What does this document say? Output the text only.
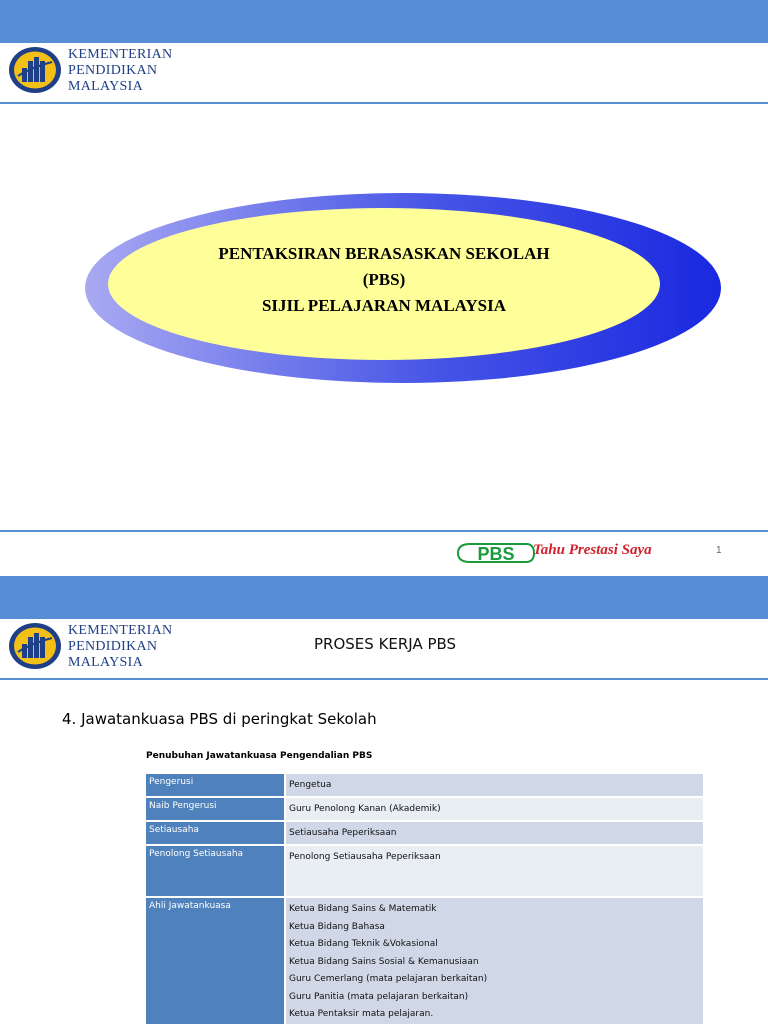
KEMENTERIAN
PENDIDIKAN
MALAYSIA
PENTAKSIRAN BERASASKAN SEKOLAH
(PBS)
SIJIL PELAJARAN MALAYSIA
PBS Tahu Prestasi Saya	1
KEMENTERIAN
PENDIDIKAN
MALAYSIA
PROSES KERJA PBS
4. Jawatankuasa PBS di peringkat Sekolah
Penubuhan Jawatankuasa Pengendalian PBS
Pengerusi	Pengetua
Naib Pengerusi	Guru Penolong Kanan (Akademik)
Setiausaha	Setiausaha Peperiksaan
Penolong Setiausaha	Penolong Setiausaha Peperiksaan
Ahli Jawatankuasa	Ketua Bidang Sains & Matematik
Ketua Bidang Bahasa
Ketua Bidang Teknik &Vokasional
Ketua Bidang Sains Sosial & Kemanusiaan
Guru Cemerlang (mata pelajaran berkaitan)
Guru Panitia (mata pelajaran berkaitan)
Ketua Pentaksir mata pelajaran.
